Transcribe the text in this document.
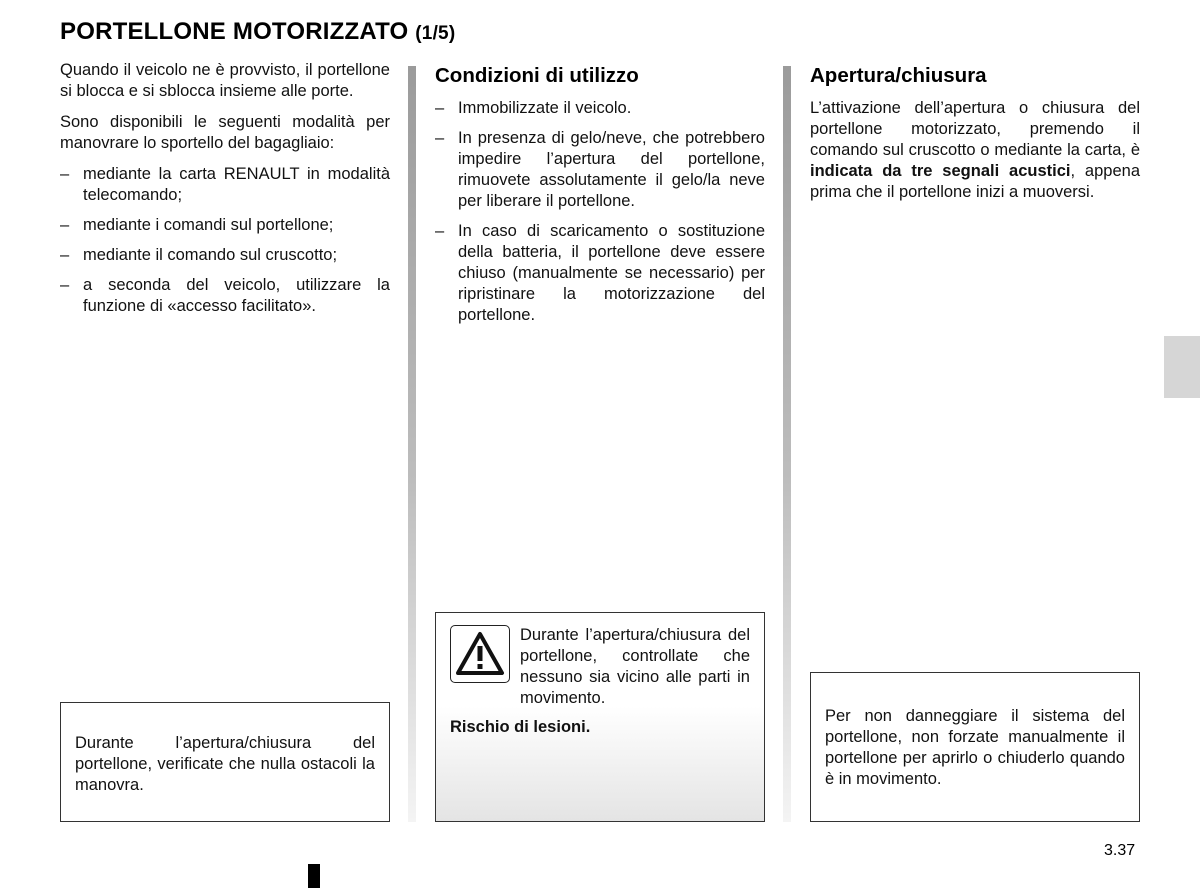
PORTELLONE MOTORIZZATO (1/5)

Quando il veicolo ne è provvisto, il portellone si blocca e si sblocca insieme alle porte.

Sono disponibili le seguenti modalità per manovrare lo sportello del bagagliaio:

– mediante la carta RENAULT in modalità telecomando;
– mediante i comandi sul portellone;
– mediante il comando sul cruscotto;
– a seconda del veicolo, utilizzare la funzione di «accesso facilitato».
Condizioni di utilizzo
– Immobilizzate il veicolo.
– In presenza di gelo/neve, che potrebbero impedire l’apertura del portellone, rimuovete assolutamente il gelo/la neve per liberare il portellone.
– In caso di scaricamento o sostituzione della batteria, il portellone deve essere chiuso (manualmente se necessario) per ripristinare la motorizzazione del portellone.
Apertura/chiusura

L’attivazione dell’apertura o chiusura del portellone motorizzato, premendo il comando sul cruscotto o mediante la carta, è indicata da tre segnali acustici, appena prima che il portellone inizi a muoversi.

Durante l’apertura/chiusura del portellone, verificate che nulla ostacoli la manovra.
Durante l’apertura/chiusura del portellone, controllate che nessuno sia vicino alle parti in movimento.
Rischio di lesioni.
Per non danneggiare il sistema del portellone, non forzate manualmente il portellone per aprirlo o chiuderlo quando è in movimento.
3.37
